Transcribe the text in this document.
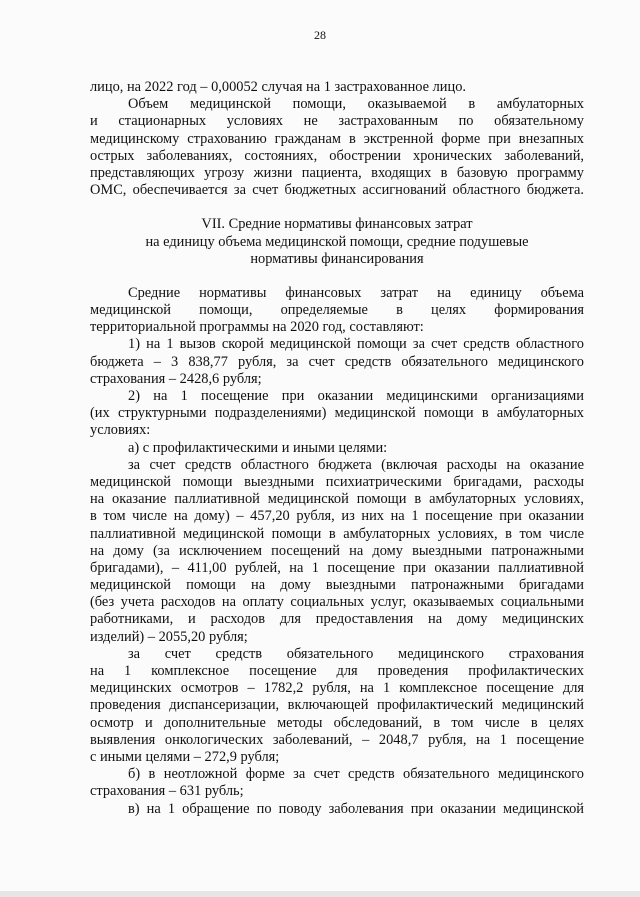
28
лицо, на 2022 год – 0,00052 случая на 1 застрахованное лицо.
Объем медицинской помощи, оказываемой в амбулаторных
и стационарных условиях не застрахованным по обязательному
медицинскому страхованию гражданам в экстренной форме при внезапных
острых заболеваниях, состояниях, обострении хронических заболеваний,
представляющих угрозу жизни пациента, входящих в базовую программу
ОМС, обеспечивается за счет бюджетных ассигнований областного бюджета.
VII. Средние нормативы финансовых затрат
на единицу объема медицинской помощи, средние подушевые
нормативы финансирования
Средние нормативы финансовых затрат на единицу объема
медицинской помощи, определяемые в целях формирования
территориальной программы на 2020 год, составляют:
1) на 1 вызов скорой медицинской помощи за счет средств областного
бюджета – 3 838,77 рубля, за счет средств обязательного медицинского
страхования – 2428,6 рубля;
2) на 1 посещение при оказании медицинскими организациями
(их структурными подразделениями) медицинской помощи в амбулаторных
условиях:
а) с профилактическими и иными целями:
за счет средств областного бюджета (включая расходы на оказание
медицинской помощи выездными психиатрическими бригадами, расходы
на оказание паллиативной медицинской помощи в амбулаторных условиях,
в том числе на дому) – 457,20 рубля, из них на 1 посещение при оказании
паллиативной медицинской помощи в амбулаторных условиях, в том числе
на дому (за исключением посещений на дому выездными патронажными
бригадами), – 411,00 рублей, на 1 посещение при оказании паллиативной
медицинской помощи на дому выездными патронажными бригадами
(без учета расходов на оплату социальных услуг, оказываемых социальными
работниками, и расходов для предоставления на дому медицинских
изделий) – 2055,20 рубля;
за счет средств обязательного медицинского страхования
на 1 комплексное посещение для проведения профилактических
медицинских осмотров – 1782,2 рубля, на 1 комплексное посещение для
проведения диспансеризации, включающей профилактический медицинский
осмотр и дополнительные методы обследований, в том числе в целях
выявления онкологических заболеваний, – 2048,7 рубля, на 1 посещение
с иными целями – 272,9 рубля;
б) в неотложной форме за счет средств обязательного медицинского
страхования – 631 рубль;
в) на 1 обращение по поводу заболевания при оказании медицинской
